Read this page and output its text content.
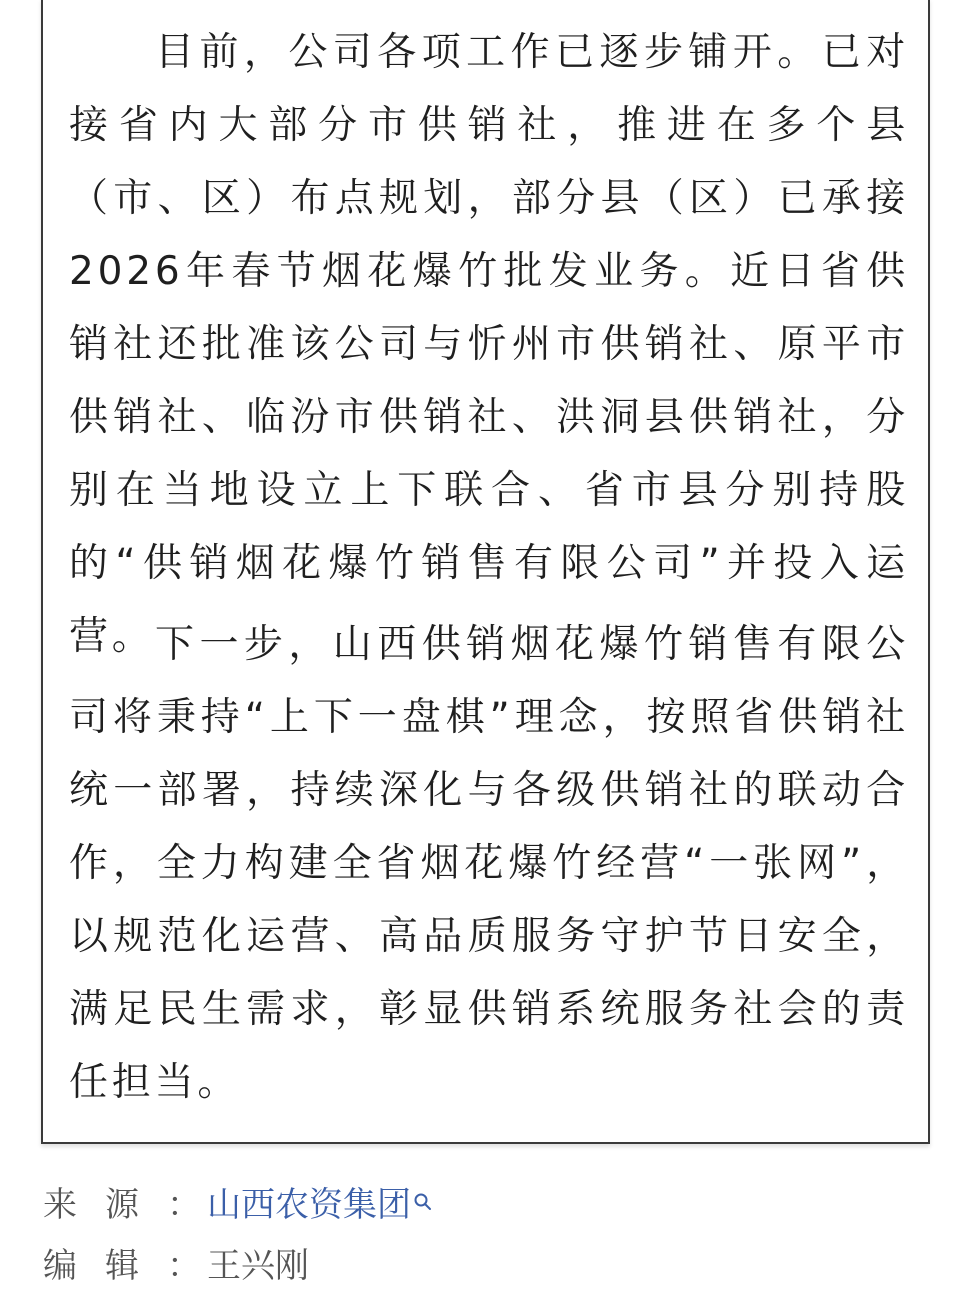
目前，公司各项工作已逐步铺开。已对接省内大部分市供销社，推进在多个县（市、区）布点规划，部分县（区）已承接2026年春节烟花爆竹批发业务。近日省供销社还批准该公司与忻州市供销社、原平市供销社、临汾市供销社、洪洞县供销社，分别在当地设立上下联合、省市县分别持股的“供销烟花爆竹销售有限公司”并投入运营。 下一步，山西供销烟花爆竹销售有限公司将秉持“上下一盘棋”理念，按照省供销社统一部署，持续深化与各级供销社的联动合作，全力构建全省烟花爆竹经营“一张网”，以规范化运营、高品质服务守护节日安全，满足民生需求，彰显供销系统服务社会的责任担当。

来源： 山西农资集团
编辑： 王兴刚
